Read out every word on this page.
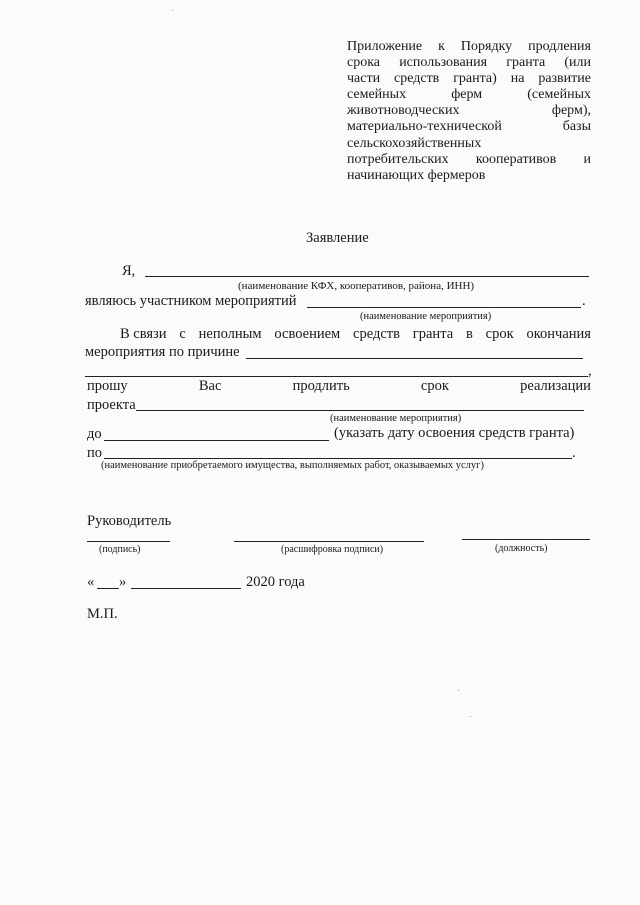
Приложение к Порядку продления
срока использования гранта (или
части средств гранта) на развитие
семейных	ферм	(семейных
животноводческих	ферм),
материально-технической	базы
сельскохозяйственных
потребительских кооперативов и
начинающих фермеров
Заявление
Я,
(наименование КФХ, кооперативов, района, ИНН)
являюсь участником мероприятий	.
(наименование мероприятия)
В связи с неполным освоением средств гранта в срок окончания
мероприятия по причине
,
прошу	Вас	продлить	срок	реализации
проекта
(наименование мероприятия)
до	(указать дату освоения средств гранта)
по	.
(наименование приобретаемого имущества, выполняемых работ, оказываемых услуг)
Руководитель
(подпись)	(расшифровка подписи)	(должность)
« »	2020 года
М.П.
